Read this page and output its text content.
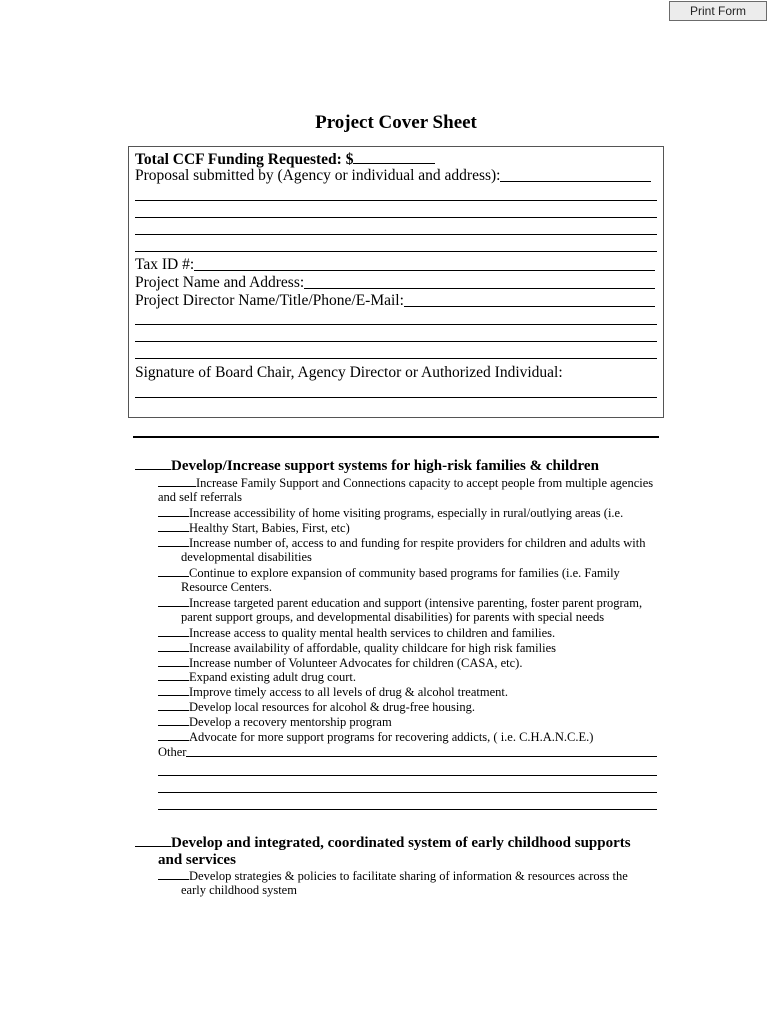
Print Form
Project Cover Sheet
Total CCF Funding Requested: $
Proposal submitted by (Agency or individual and address):
Tax ID #:
Project Name and Address:
Project Director Name/Title/Phone/E-Mail:
Signature of Board Chair, Agency Director or Authorized Individual:
Develop/Increase support systems for high-risk families & children
Increase Family Support and Connections capacity to accept people from multiple agencies
and self referrals
Increase accessibility of home visiting programs, especially in rural/outlying areas (i.e.
Healthy Start, Babies, First, etc)
Increase number of, access to and funding for respite providers for children and adults with
developmental disabilities
Continue to explore expansion of community based programs for families (i.e. Family
Resource Centers.
Increase targeted parent education and support (intensive parenting, foster parent program,
parent support groups, and developmental disabilities) for parents with special needs
Increase access to quality mental health services to children and families.
Increase availability of affordable, quality childcare for high risk families
Increase number of Volunteer Advocates for children (CASA, etc).
Expand existing adult drug court.
Improve timely access to all levels of drug & alcohol treatment.
Develop local resources for alcohol & drug-free housing.
Develop a recovery mentorship program
Advocate for more support programs for recovering addicts, ( i.e. C.H.A.N.C.E.)
Other
Develop and integrated, coordinated system of early childhood supports
and services
Develop strategies & policies to facilitate sharing of information & resources across the
early childhood system
